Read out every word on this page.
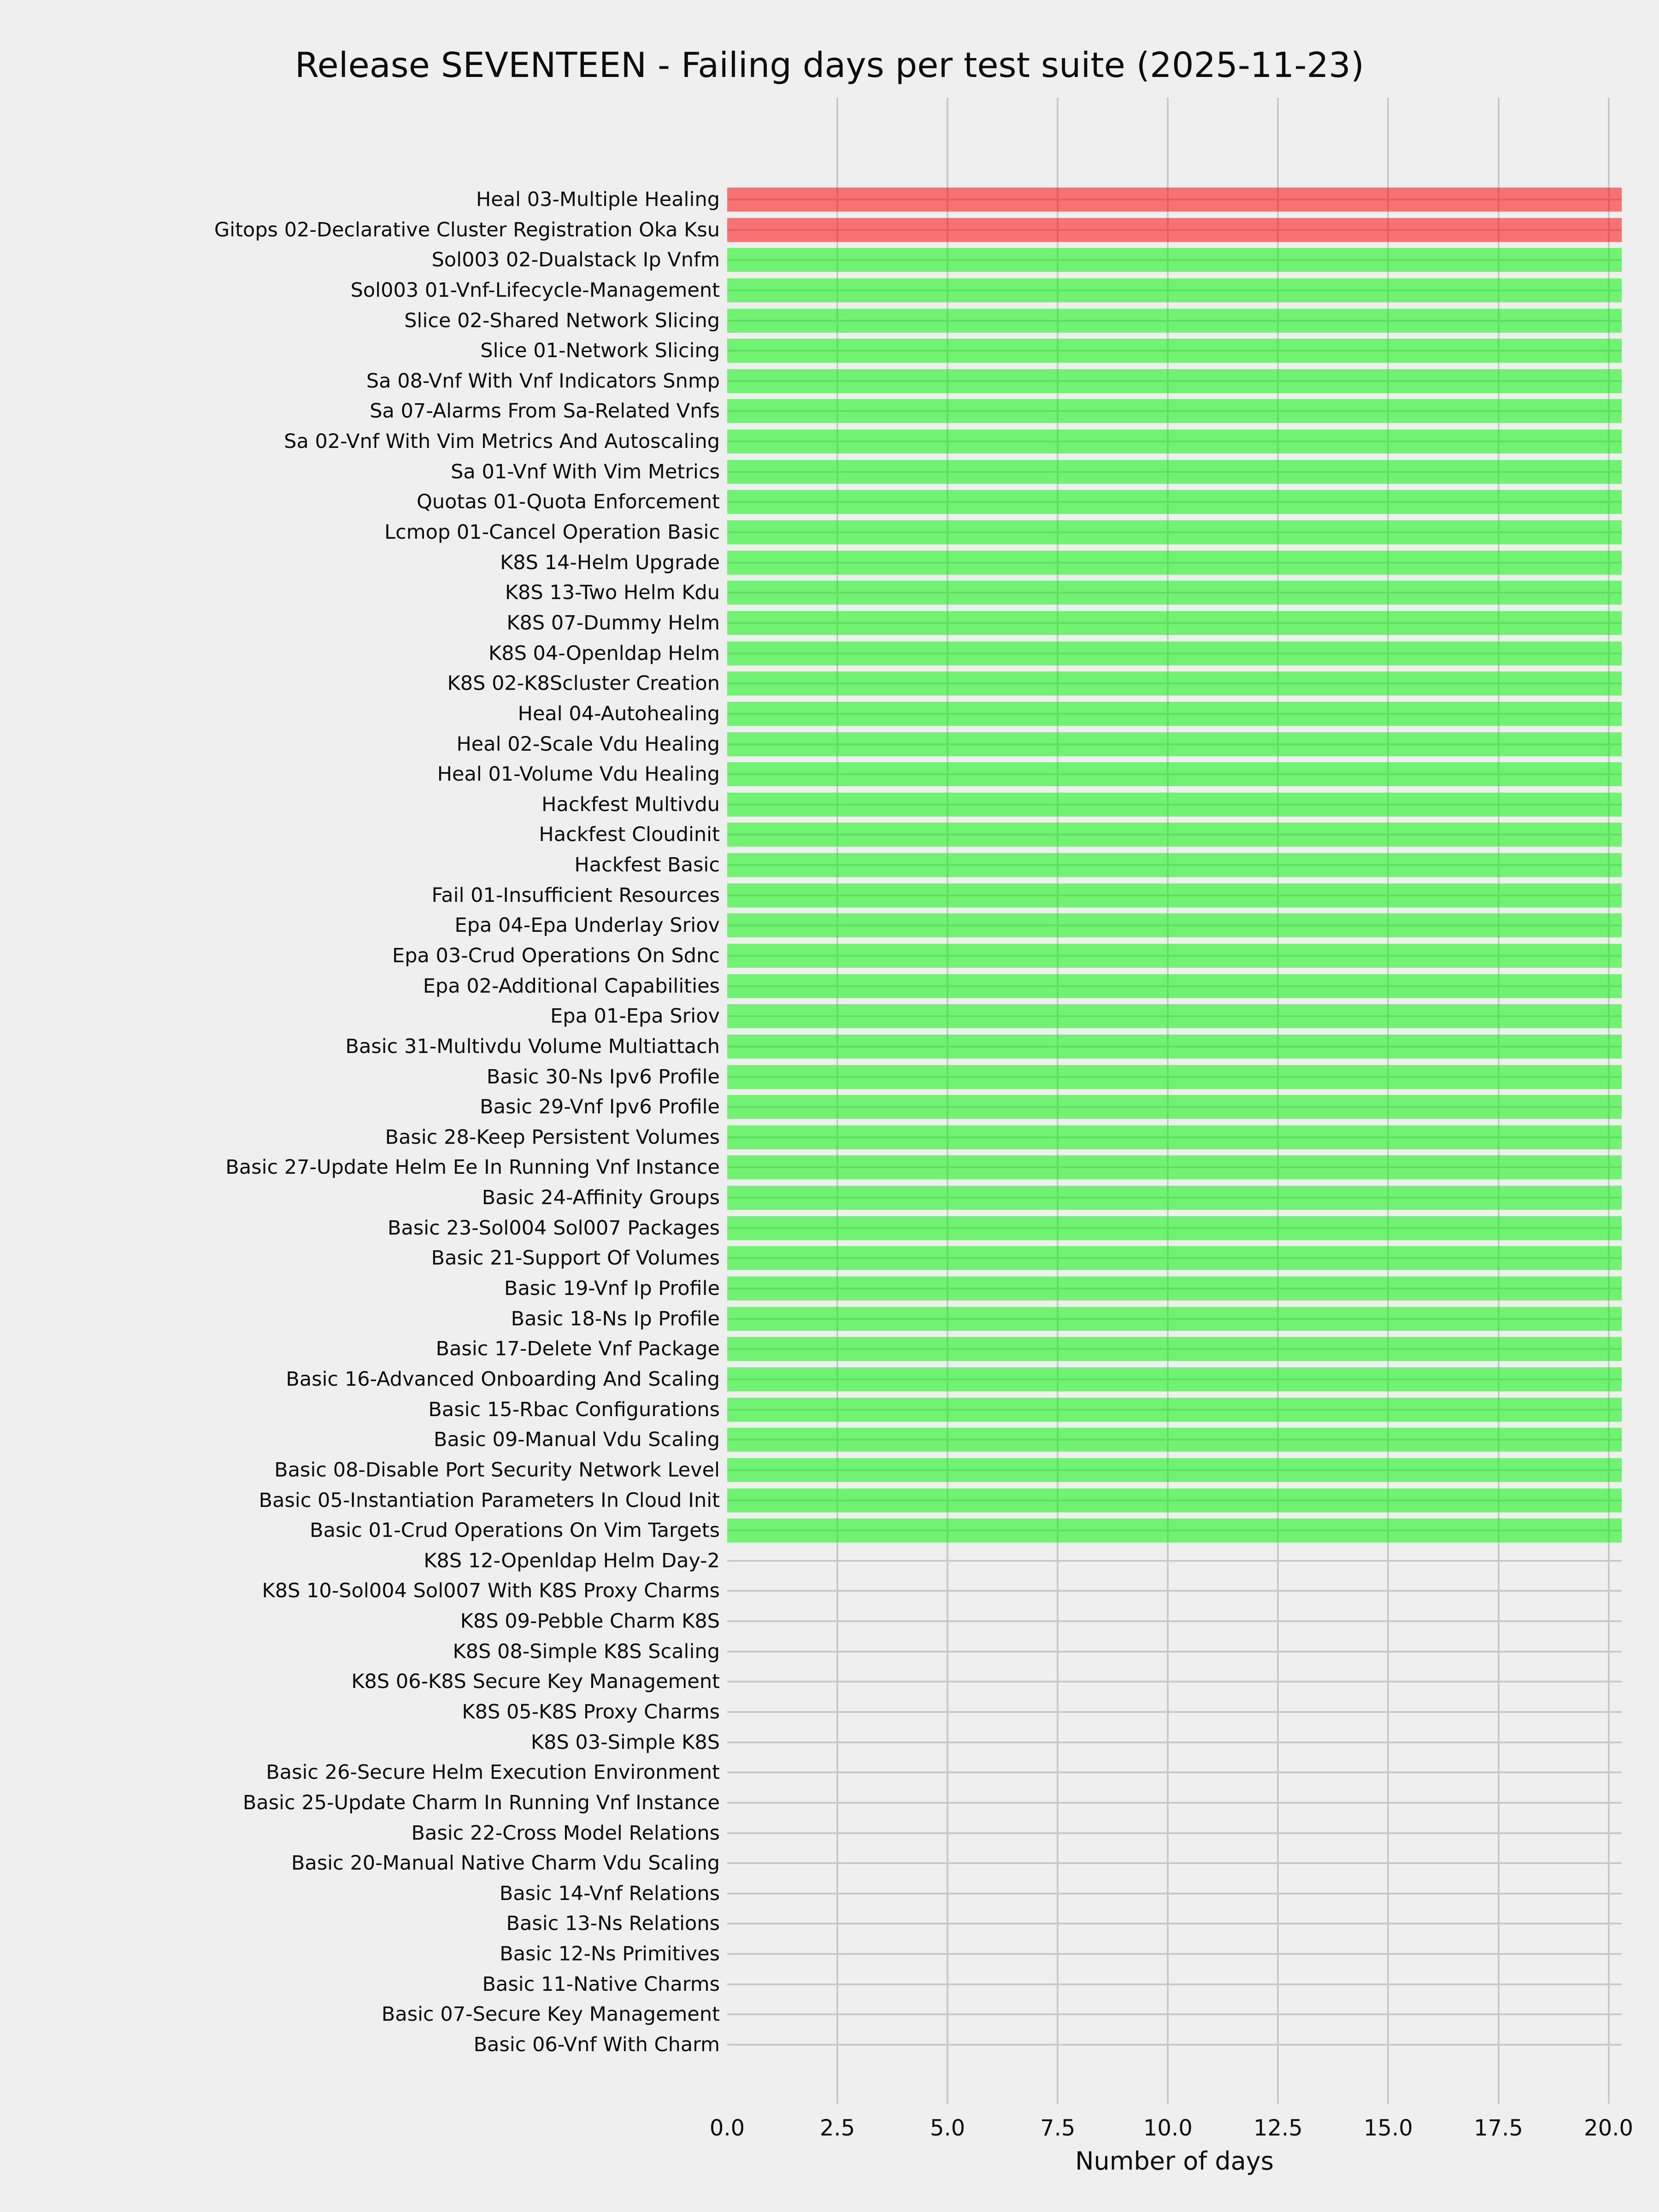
Release SEVENTEEN - Failing days per test suite (2025-11-23)
Heal 03-Multiple Healing
Gitops 02-Declarative Cluster Registration Oka Ksu
Sol003 02-Dualstack Ip Vnfm
Sol003 01-Vnf-Lifecycle-Management
Slice 02-Shared Network Slicing
Slice 01-Network Slicing
Sa 08-Vnf With Vnf Indicators Snmp
Sa 07-Alarms From Sa-Related Vnfs
Sa 02-Vnf With Vim Metrics And Autoscaling
Sa 01-Vnf With Vim Metrics
Quotas 01-Quota Enforcement
Lcmop 01-Cancel Operation Basic
K8S 14-Helm Upgrade
K8S 13-Two Helm Kdu
K8S 07-Dummy Helm
K8S 04-Openldap Helm
K8S 02-K8Scluster Creation
Heal 04-Autohealing
Heal 02-Scale Vdu Healing
Heal 01-Volume Vdu Healing
Hackfest Multivdu
Hackfest Cloudinit
Hackfest Basic
Fail 01-Insufficient Resources
Epa 04-Epa Underlay Sriov
Epa 03-Crud Operations On Sdnc
Epa 02-Additional Capabilities
Epa 01-Epa Sriov
Basic 31-Multivdu Volume Multiattach
Basic 30-Ns Ipv6 Profile
Basic 29-Vnf Ipv6 Profile
Basic 28-Keep Persistent Volumes
Basic 27-Update Helm Ee In Running Vnf Instance
Basic 24-Affinity Groups
Basic 23-Sol004 Sol007 Packages
Basic 21-Support Of Volumes
Basic 19-Vnf Ip Profile
Basic 18-Ns Ip Profile
Basic 17-Delete Vnf Package
Basic 16-Advanced Onboarding And Scaling
Basic 15-Rbac Configurations
Basic 09-Manual Vdu Scaling
Basic 08-Disable Port Security Network Level
Basic 05-Instantiation Parameters In Cloud Init
Basic 01-Crud Operations On Vim Targets
K8S 12-Openldap Helm Day-2
K8S 10-Sol004 Sol007 With K8S Proxy Charms
K8S 09-Pebble Charm K8S
K8S 08-Simple K8S Scaling
K8S 06-K8S Secure Key Management
K8S 05-K8S Proxy Charms
K8S 03-Simple K8S
Basic 26-Secure Helm Execution Environment
Basic 25-Update Charm In Running Vnf Instance
Basic 22-Cross Model Relations
Basic 20-Manual Native Charm Vdu Scaling
Basic 14-Vnf Relations
Basic 13-Ns Relations
Basic 12-Ns Primitives
Basic 11-Native Charms
Basic 07-Secure Key Management
Basic 06-Vnf With Charm
0.0	2.5	5.0	7.5	10.0	12.5	15.0	17.5	20.0
Number of days
